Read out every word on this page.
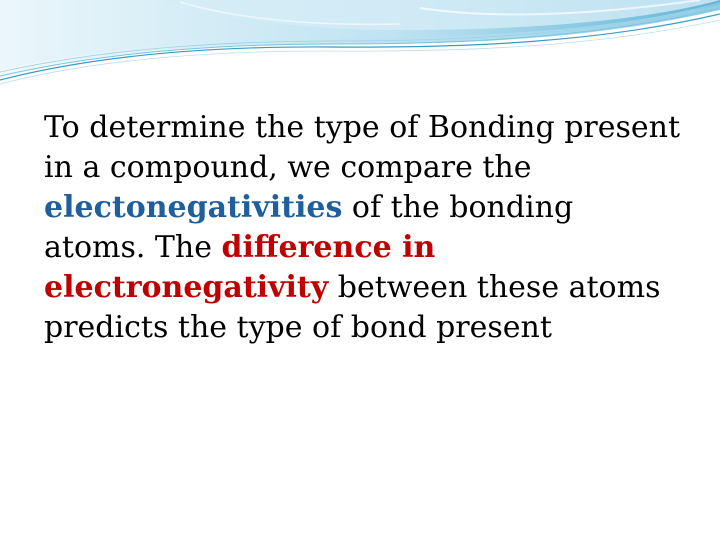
To determine the type of Bonding present in a compound, we compare the electonegativities of the bonding atoms. The difference in electronegativity between these atoms predicts the type of bond present
